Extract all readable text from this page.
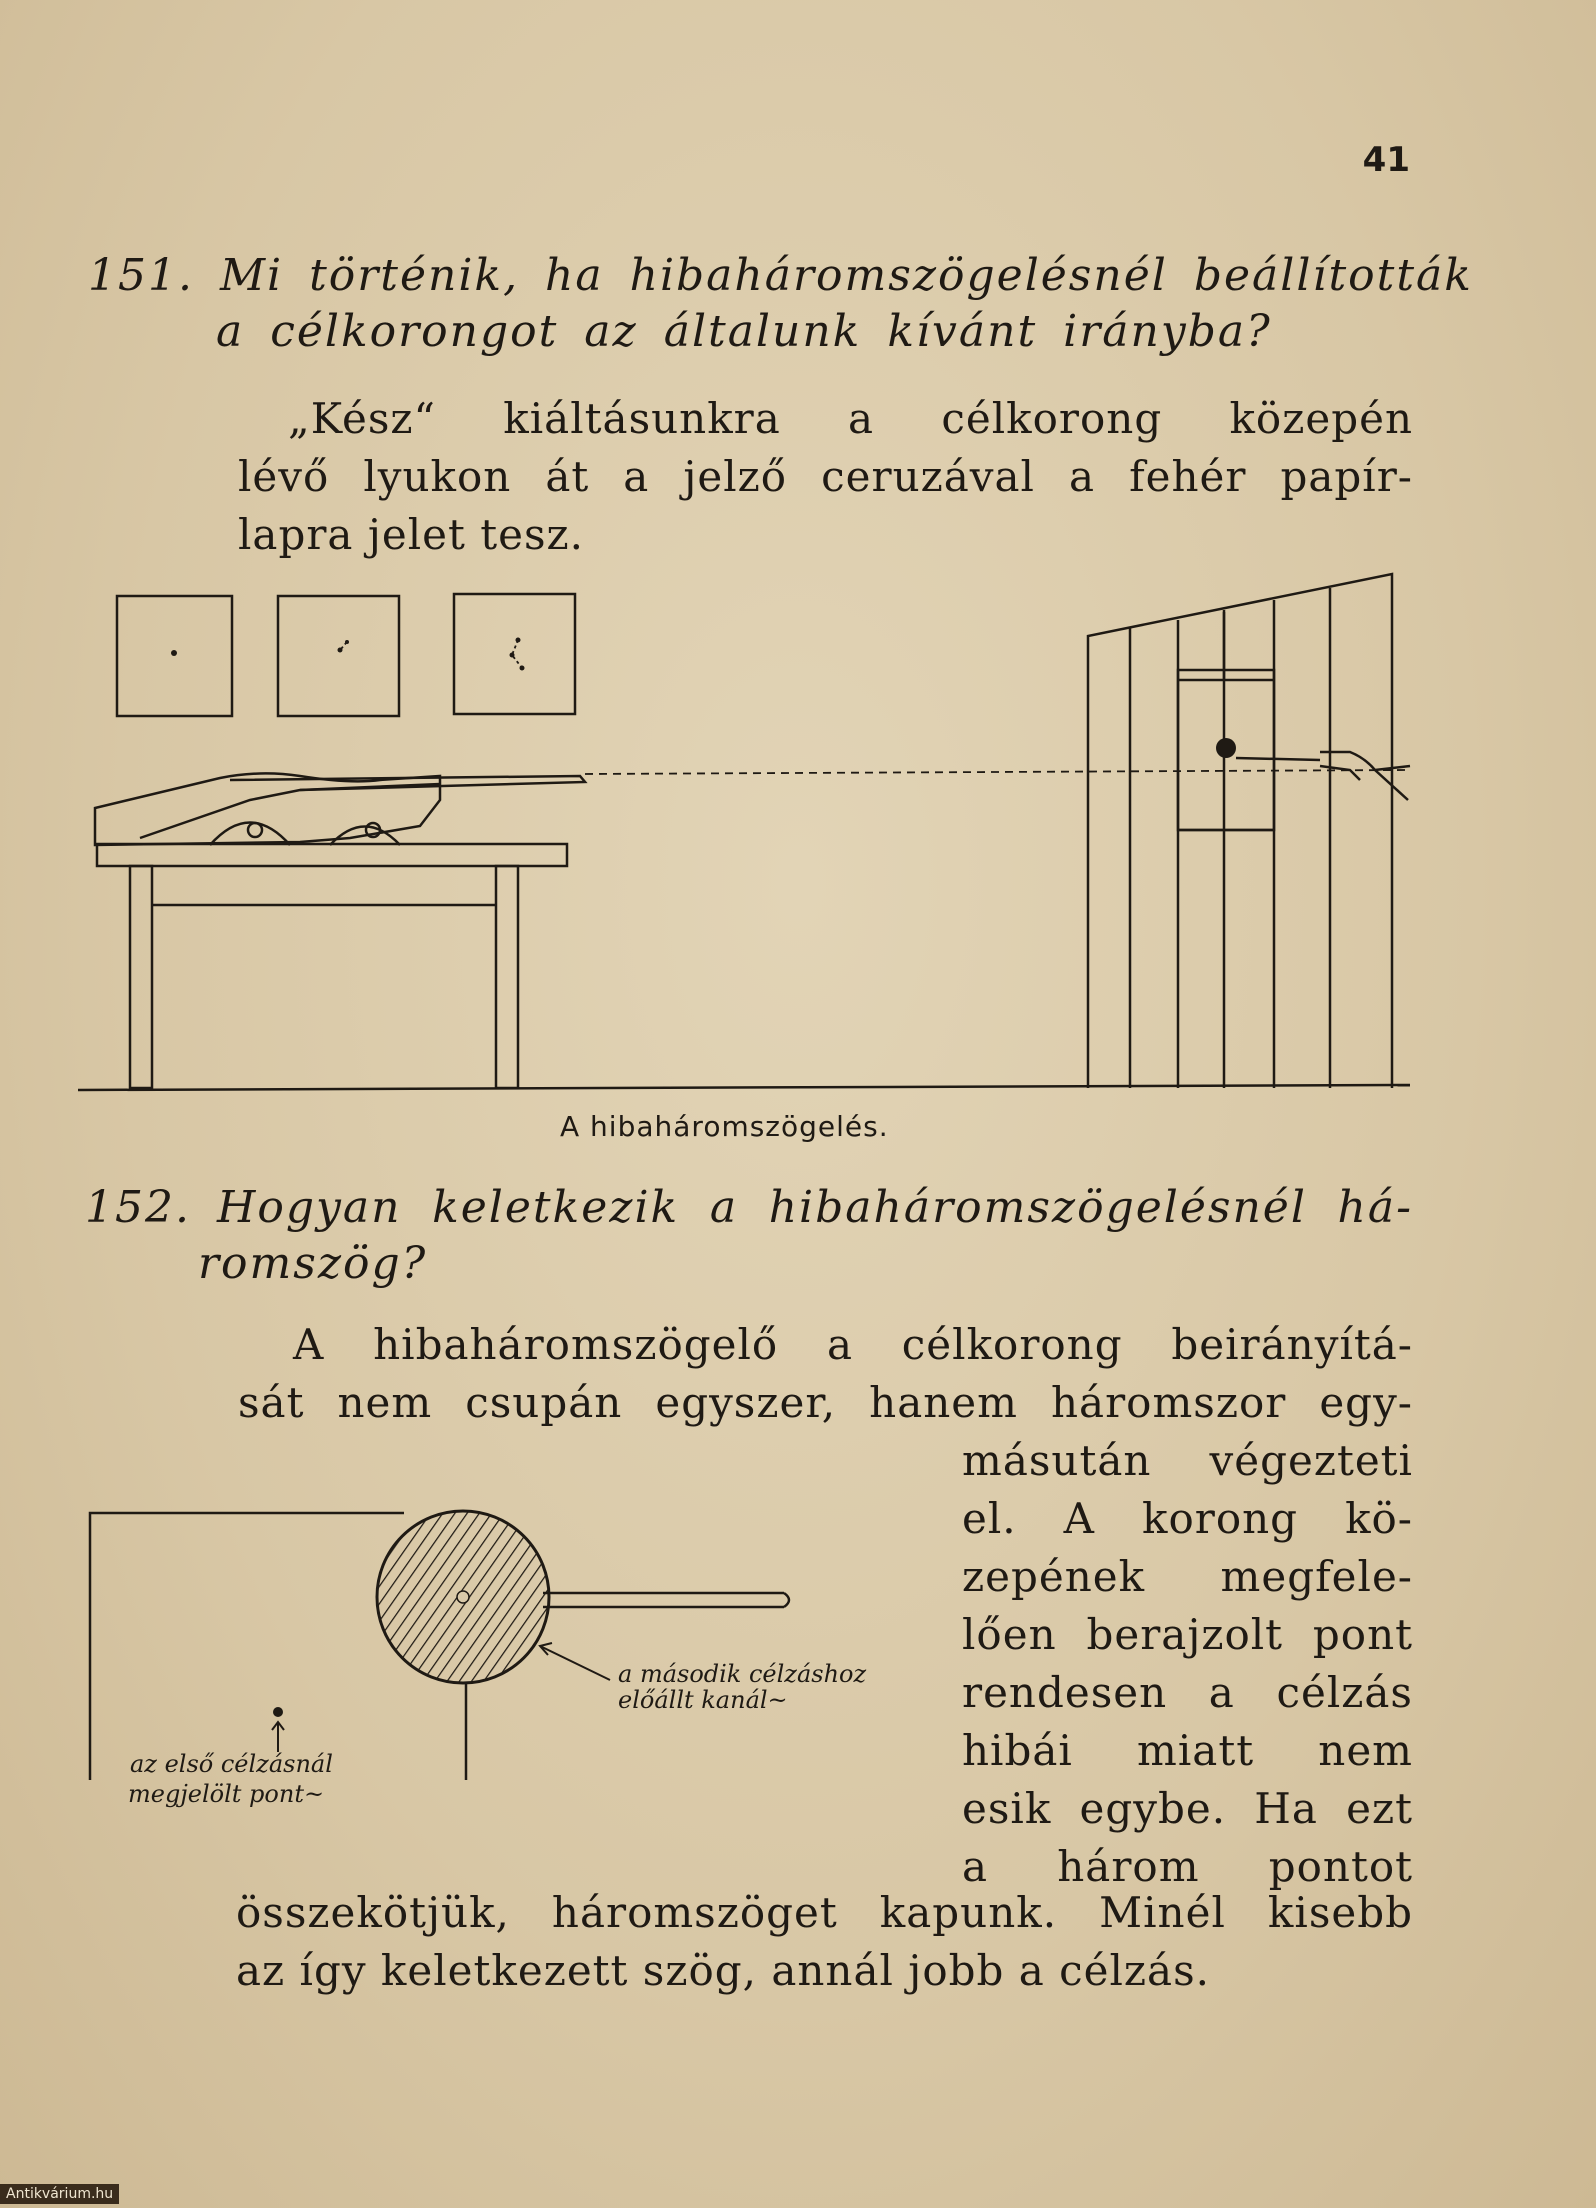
41
151. Mi történik, ha hibaháromszögelésnél beállították
a célkorongot az általunk kívánt irányba?
„Kész“ kiáltásunkra a célkorong közepén
lévő lyukon át a jelző ceruzával a fehér papír-
lapra jelet tesz.
A hibaháromszögelés.
152. Hogyan keletkezik a hibaháromszögelésnél há-
romszög?
A hibaháromszögelő a célkorong beirányítá-
sát nem csupán egyszer, hanem háromszor egy-
másután végezteti
el. A korong kö-
zepének megfele-
lően berajzolt pont
rendesen a célzás
hibái miatt nem
esik egybe. Ha ezt
a három pontot
a második célzáshoz
előállt kanál~
az első célzásnál
megjelölt pont~
összekötjük, háromszöget kapunk. Minél kisebb
az így keletkezett szög, annál jobb a célzás.
Antikvárium.hu
